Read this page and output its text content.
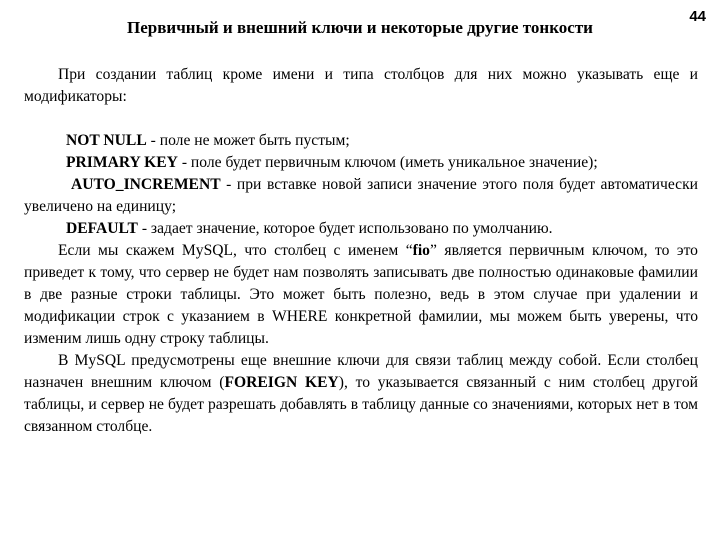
44
Первичный и внешний ключи и некоторые другие тонкости

При создании таблиц кроме имени и типа столбцов для них можно указывать еще и модификаторы:

NOT NULL - поле не может быть пустым;

PRIMARY KEY - поле будет первичным ключом (иметь уникальное значение);

AUTO_INCREMENT - при вставке новой записи значение этого поля будет автоматически увеличено на единицу;

DEFAULT - задает значение, которое будет использовано по умолчанию.

Если мы скажем MySQL, что столбец с именем “fio” является первичным ключом, то это приведет к тому, что сервер не будет нам позволять записывать две полностью одинаковые фамилии в две разные строки таблицы. Это может быть полезно, ведь в этом случае при удалении и модификации строк с указанием в WHERE конкретной фамилии, мы можем быть уверены, что изменим лишь одну строку таблицы.

В MySQL предусмотрены еще внешние ключи для связи таблиц между собой. Если столбец назначен внешним ключом (FOREIGN KEY), то указывается связанный с ним столбец другой таблицы, и сервер не будет разрешать добавлять в таблицу данные со значениями, которых нет в том связанном столбце.
